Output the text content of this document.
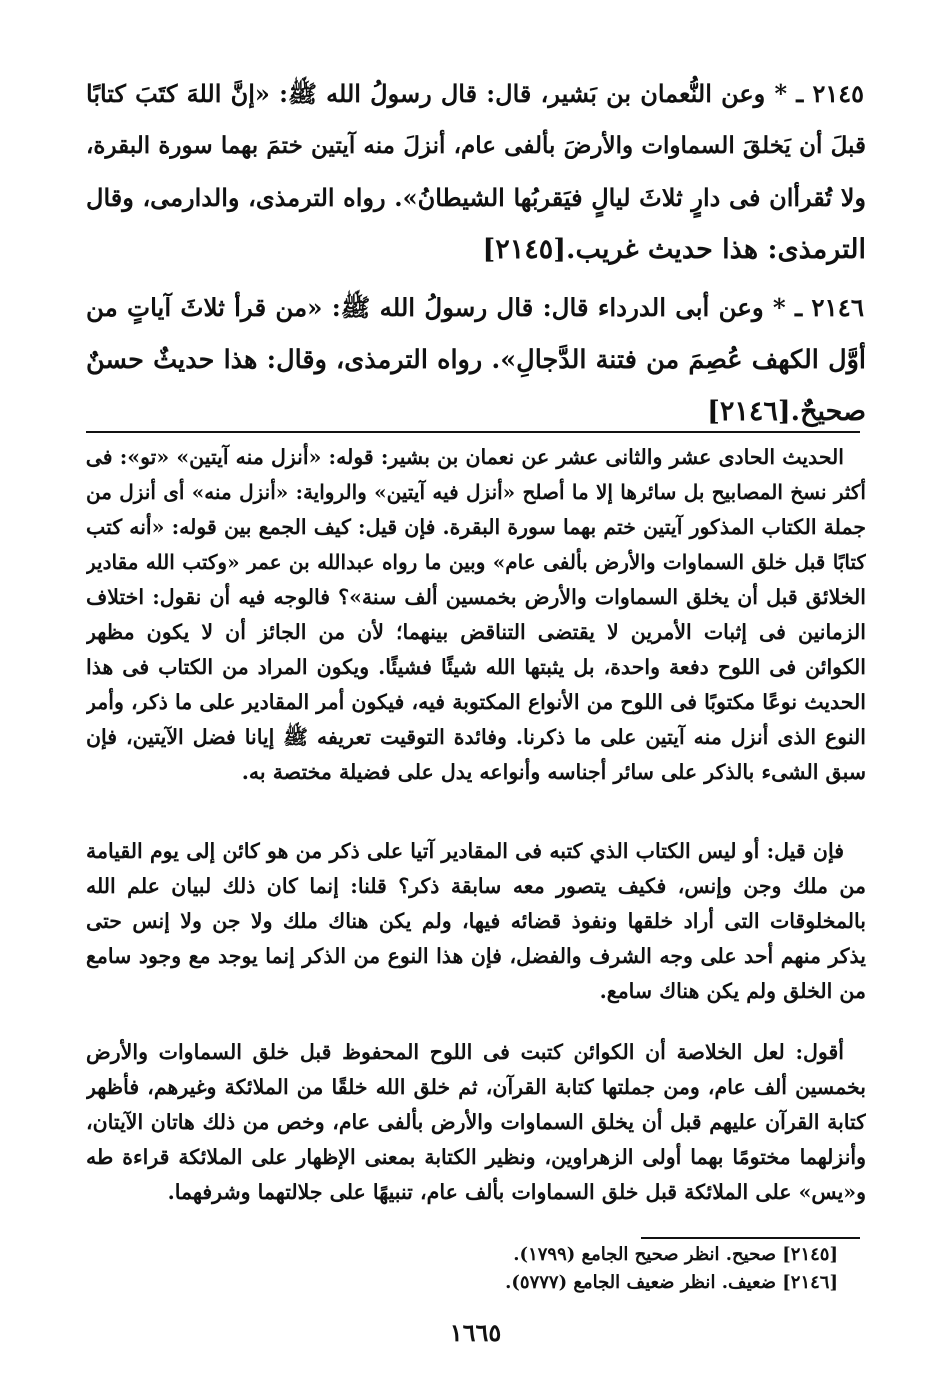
٢١٤٥ ـ * وعن النُّعمان بن بَشير، قال: قال رسولُ الله ﷺ: «إنَّ اللهَ كتَبَ كتابًا
قبلَ أن يَخلقَ السماوات والأرضَ بألفى عام، أنزلَ منه آيتين ختمَ بهما سورة البقرة،
ولا تُقرأان فى دارٍ ثلاثَ ليالٍ فيَقربُها الشيطانُ». رواه الترمذى، والدارمى، وقال
الترمذى: هذا حديث غريب.[٢١٤٥]
٢١٤٦ ـ * وعن أبى الدرداء قال: قال رسولُ الله ﷺ: «من قرأ ثلاثَ آياتٍ من
أوَّل الكهف عُصِمَ من فتنة الدَّجالِ». رواه الترمذى، وقال: هذا حديثٌ حسنٌ
صحيحٌ.[٢١٤٦]
الحديث الحادى عشر والثانى عشر عن نعمان بن بشير: قوله: «أنزل منه آيتين» «تو»: فى
أكثر نسخ المصابيح بل سائرها إلا ما أصلح «أنزل فيه آيتين» والرواية: «أنزل منه» أى أنزل من
جملة الكتاب المذكور آيتين ختم بهما سورة البقرة. فإن قيل: كيف الجمع بين قوله: «أنه كتب
كتابًا قبل خلق السماوات والأرض بألفى عام» وبين ما رواه عبدالله بن عمر «وكتب الله مقادير
الخلائق قبل أن يخلق السماوات والأرض بخمسين ألف سنة»؟ فالوجه فيه أن نقول: اختلاف
الزمانين فى إثبات الأمرين لا يقتضى التناقض بينهما؛ لأن من الجائز أن لا يكون مظهر
الكوائن فى اللوح دفعة واحدة، بل يثبتها الله شيئًا فشيئًا. ويكون المراد من الكتاب فى هذا
الحديث نوعًا مكتوبًا فى اللوح من الأنواع المكتوبة فيه، فيكون أمر المقادير على ما ذكر، وأمر
النوع الذى أنزل منه آيتين على ما ذكرنا. وفائدة التوقيت تعريفه ﷺ إيانا فضل الآيتين، فإن
سبق الشىء بالذكر على سائر أجناسه وأنواعه يدل على فضيلة مختصة به.
فإن قيل: أو ليس الكتاب الذي كتبه فى المقادير آتيا على ذكر من هو كائن إلى يوم القيامة
من ملك وجن وإنس، فكيف يتصور معه سابقة ذكر؟ قلنا: إنما كان ذلك لبيان علم الله
بالمخلوقات التى أراد خلقها ونفوذ قضائه فيها، ولم يكن هناك ملك ولا جن ولا إنس حتى
يذكر منهم أحد على وجه الشرف والفضل، فإن هذا النوع من الذكر إنما يوجد مع وجود سامع
من الخلق ولم يكن هناك سامع.
أقول: لعل الخلاصة أن الكوائن كتبت فى اللوح المحفوظ قبل خلق السماوات والأرض
بخمسين ألف عام، ومن جملتها كتابة القرآن، ثم خلق الله خلقًا من الملائكة وغيرهم، فأظهر
كتابة القرآن عليهم قبل أن يخلق السماوات والأرض بألفى عام، وخص من ذلك هاتان الآيتان،
وأنزلهما مختومًا بهما أولى الزهراوين، ونظير الكتابة بمعنى الإظهار على الملائكة قراءة طه
و«يس» على الملائكة قبل خلق السماوات بألف عام، تنبيهًا على جلالتهما وشرفهما.
[٢١٤٥] صحيح. انظر صحيح الجامع (١٧٩٩).
[٢١٤٦] ضعيف. انظر ضعيف الجامع (٥٧٧٧).
١٦٦٥
